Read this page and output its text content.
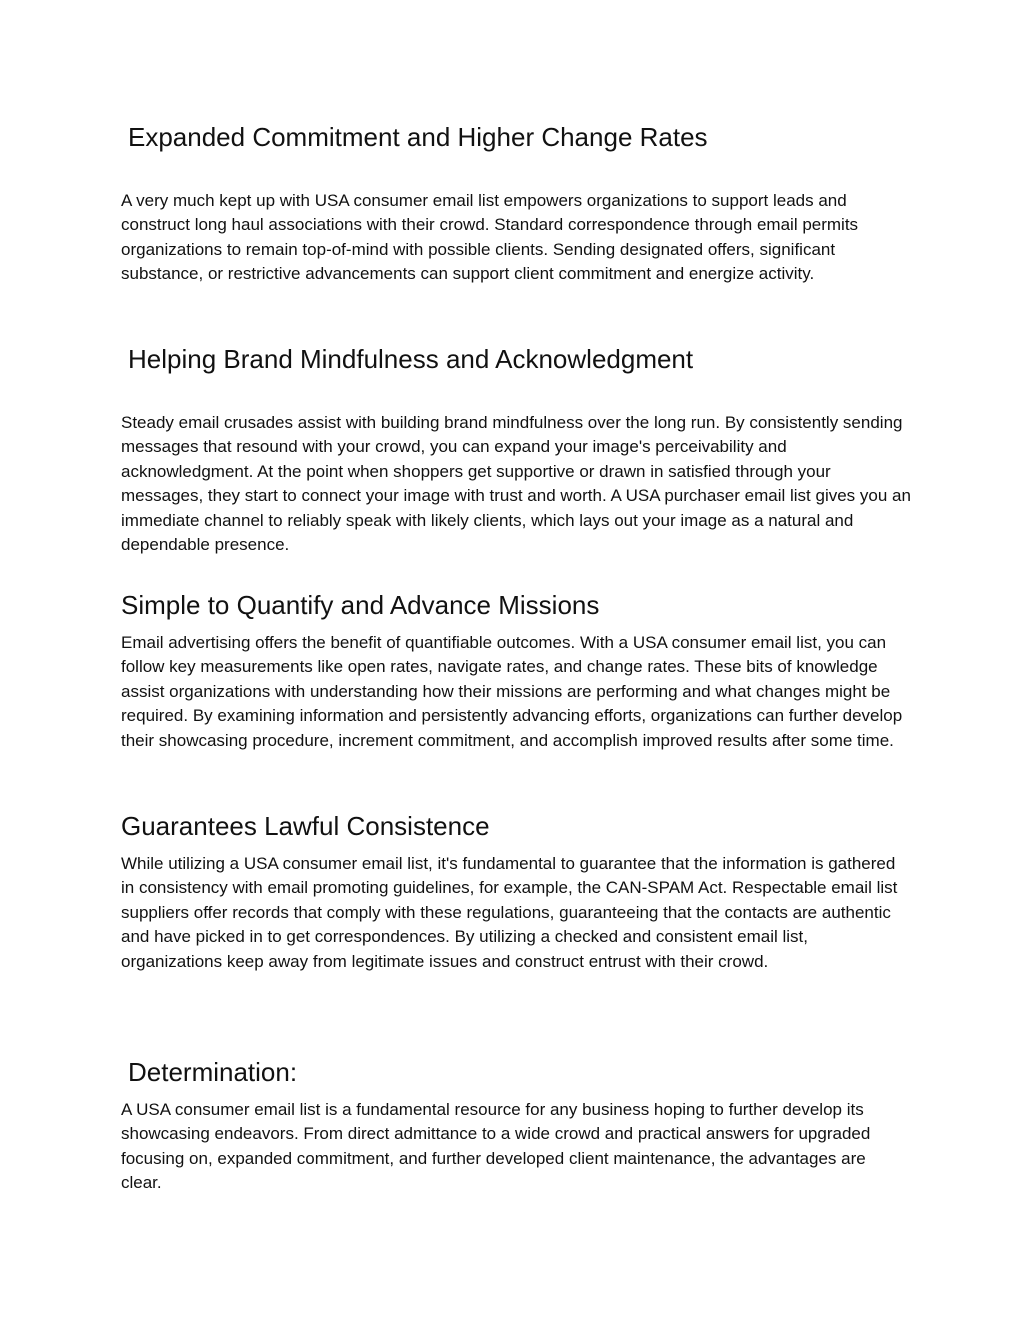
Expanded Commitment and Higher Change Rates

A very much kept up with USA consumer email list empowers organizations to support leads and construct long haul associations with their crowd. Standard correspondence through email permits organizations to remain top-of-mind with possible clients. Sending designated offers, significant substance, or restrictive advancements can support client commitment and energize activity.

Helping Brand Mindfulness and Acknowledgment

Steady email crusades assist with building brand mindfulness over the long run. By consistently sending messages that resound with your crowd, you can expand your image's perceivability and acknowledgment. At the point when shoppers get supportive or drawn in satisfied through your messages, they start to connect your image with trust and worth. A USA purchaser email list gives you an immediate channel to reliably speak with likely clients, which lays out your image as a natural and dependable presence.

Simple to Quantify and Advance Missions

Email advertising offers the benefit of quantifiable outcomes. With a USA consumer email list, you can follow key measurements like open rates, navigate rates, and change rates. These bits of knowledge assist organizations with understanding how their missions are performing and what changes might be required. By examining information and persistently advancing efforts, organizations can further develop their showcasing procedure, increment commitment, and accomplish improved results after some time.

Guarantees Lawful Consistence

While utilizing a USA consumer email list, it's fundamental to guarantee that the information is gathered in consistency with email promoting guidelines, for example, the CAN-SPAM Act. Respectable email list suppliers offer records that comply with these regulations, guaranteeing that the contacts are authentic and have picked in to get correspondences. By utilizing a checked and consistent email list, organizations keep away from legitimate issues and construct entrust with their crowd.

Determination:

A USA consumer email list is a fundamental resource for any business hoping to further develop its showcasing endeavors. From direct admittance to a wide crowd and practical answers for upgraded focusing on, expanded commitment, and further developed client maintenance, the advantages are clear.
